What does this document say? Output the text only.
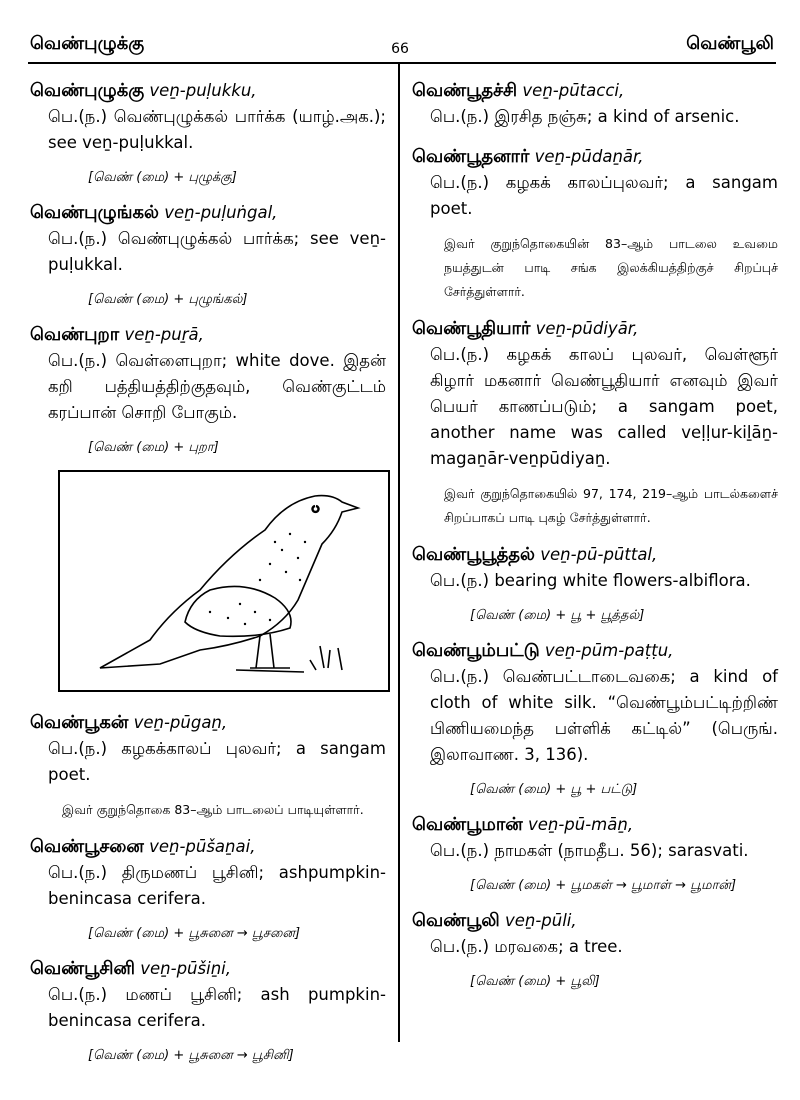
வெண்புழுக்கு	66	வெண்பூலி
வெண்புழுக்கு veṉ-puḷukku,
பெ.(ந.) வெண்புழுக்கல் பார்க்க (யாழ்.அக.); see veṉ-puḷukkal.
[வெண் (மை) + புழுக்கு]
வெண்புழுங்கல் veṉ-puḷuṅgal,
பெ.(ந.) வெண்புழுக்கல் பார்க்க; see veṉ-puḷukkal.
[வெண் (மை) + புழுங்கல்]
வெண்புறா veṉ-puṟā,
பெ.(ந.) வெள்ளைபுறா; white dove. இதன் கறி பத்தியத்திற்குதவும், வெண்குட்டம் கரப்பான் சொறி போகும்.
[வெண் (மை) + புறா]
வெண்பூகன் veṉ-pūgaṉ,
பெ.(ந.) கழகக்காலப் புலவர்; a sangam poet.
இவர் குறுந்தொகை 83–ஆம் பாடலைப் பாடியுள்ளார்.
வெண்பூசனை veṉ-pūšaṉai,
பெ.(ந.) திருமணப் பூசினி; ashpumpkin-benincasa cerifera.
[வெண் (மை) + பூசுனை → பூசனை]
வெண்பூசினி veṉ-pūšiṉi,
பெ.(ந.) மணப் பூசினி; ash pumpkin-benincasa cerifera.
[வெண் (மை) + பூசுனை → பூசினி]
வெண்பூதச்சி veṉ-pūtacci,
பெ.(ந.) இரசித நஞ்சு; a kind of arsenic.
வெண்பூதனார் veṉ-pūdaṉār,
பெ.(ந.) கழகக் காலப்புலவர்; a sangam poet.
இவர் குறுந்தொகையின் 83–ஆம் பாடலை உவமை நயத்துடன் பாடி சங்க இலக்கியத்திற்குச் சிறப்புச் சேர்த்துள்ளார்.
வெண்பூதியார் veṉ-pūdiyār,
பெ.(ந.) கழகக் காலப் புலவர், வெள்ளூர் கிழார் மகனார் வெண்பூதியார் எனவும் இவர் பெயர் காணப்படும்; a sangam poet, another name was called veḷḷur-kiḻāṉ-magaṉār-veṉpūdiyaṉ.
இவர் குறுந்தொகையில் 97, 174, 219–ஆம் பாடல்களைச் சிறப்பாகப் பாடி புகழ் சேர்த்துள்ளார்.
வெண்பூபூத்தல் veṉ-pū-pūttal,
பெ.(ந.) bearing white flowers-albiflora.
[வெண் (மை) + பூ + பூத்தல்]
வெண்பூம்பட்டு veṉ-pūm-paṭṭu,
பெ.(ந.) வெண்பட்டாடைவகை; a kind of cloth of white silk. “வெண்பூம்பட்டிற்றிண் பிணியமைந்த பள்ளிக் கட்டில்” (பெருங். இலாவாண. 3, 136).
[வெண் (மை) + பூ + பட்டு]
வெண்பூமான் veṉ-pū-māṉ,
பெ.(ந.) நாமகள் (நாமதீப. 56); sarasvati.
[வெண் (மை) + பூமகள் → பூமாள் → பூமான்]
வெண்பூலி veṉ-pūli,
பெ.(ந.) மரவகை; a tree.
[வெண் (மை) + பூலி]
